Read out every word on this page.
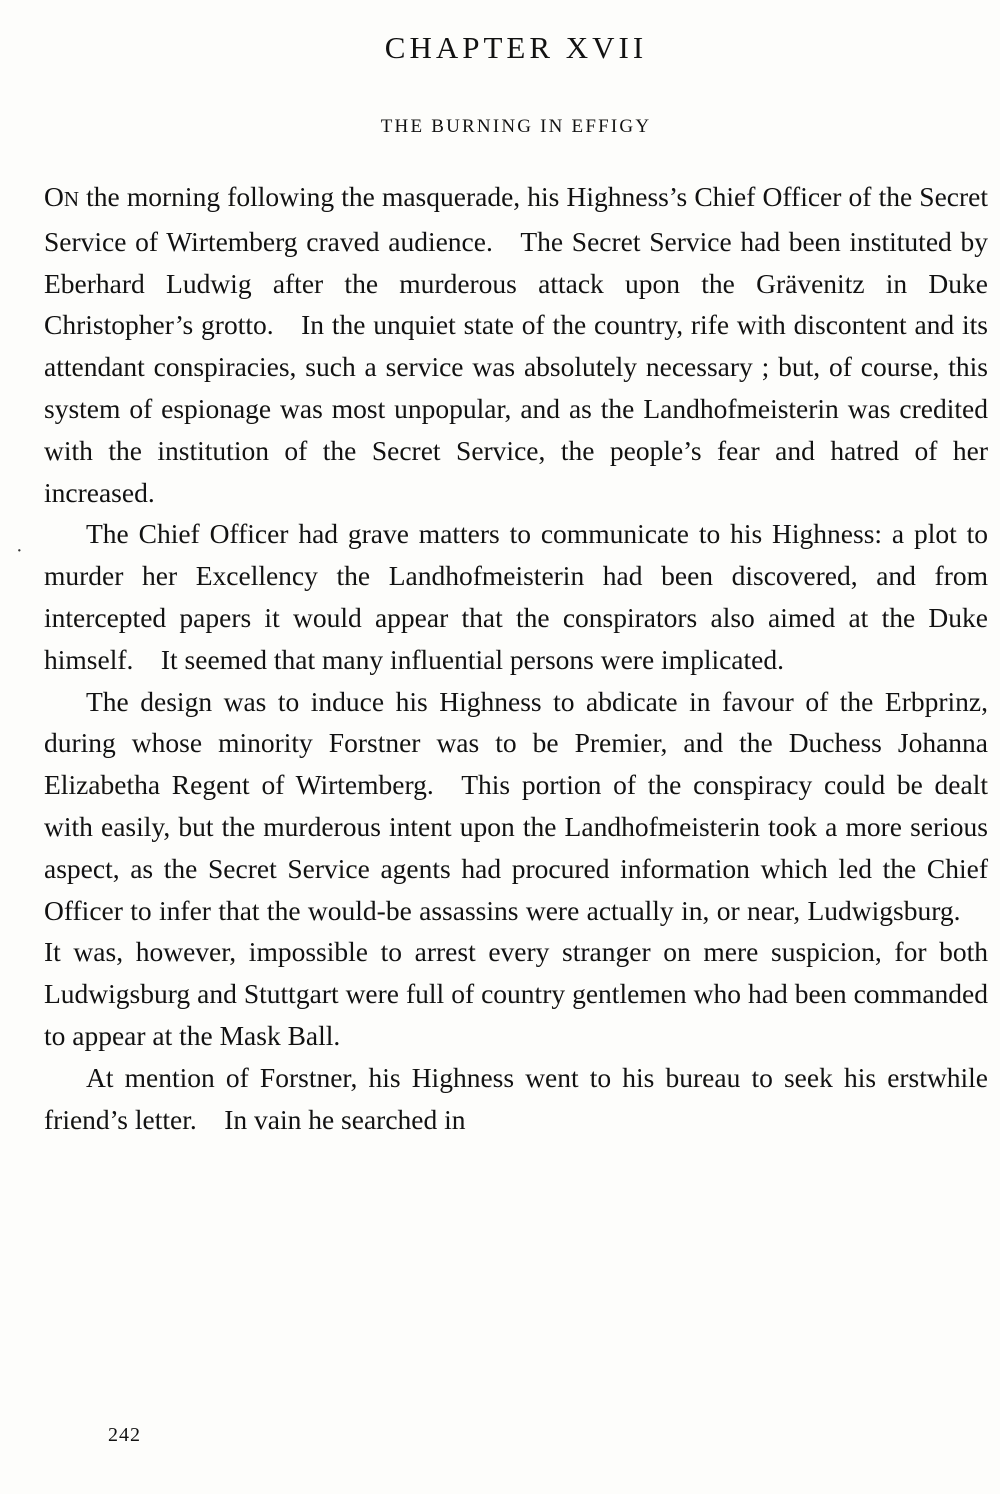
·
CHAPTER XVII
THE BURNING IN EFFIGY

ON the morning following the masquerade, his Highness’s Chief Officer of the Secret Service of Wirtemberg craved audience. The Secret Service had been instituted by Eberhard Ludwig after the murderous attack upon the Grävenitz in Duke Christopher’s grotto. In the unquiet state of the country, rife with discontent and its attendant conspiracies, such a service was absolutely necessary ; but, of course, this system of espionage was most unpopular, and as the Landhofmeisterin was credited with the institution of the Secret Service, the people’s fear and hatred of her increased.

The Chief Officer had grave matters to communicate to his Highness: a plot to murder her Excellency the Landhofmeisterin had been discovered, and from intercepted papers it would appear that the conspirators also aimed at the Duke himself. It seemed that many influential persons were implicated.

The design was to induce his Highness to abdicate in favour of the Erbprinz, during whose minority Forstner was to be Premier, and the Duchess Johanna Elizabetha Regent of Wirtemberg. This portion of the conspiracy could be dealt with easily, but the murderous intent upon the Landhofmeisterin took a more serious aspect, as the Secret Service agents had procured information which led the Chief Officer to infer that the would-be assassins were actually in, or near, Ludwigsburg. It was, however, impossible to arrest every stranger on mere suspicion, for both Ludwigsburg and Stuttgart were full of country gentlemen who had been commanded to appear at the Mask Ball.

At mention of Forstner, his Highness went to his bureau to seek his erstwhile friend’s letter. In vain he searched in

242
